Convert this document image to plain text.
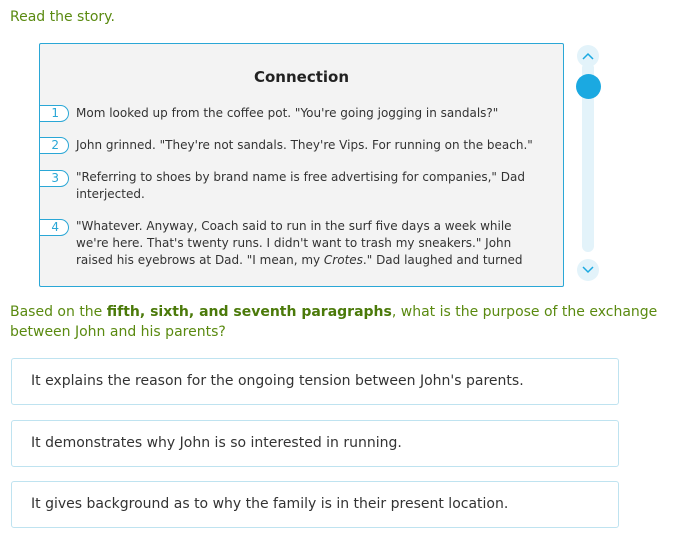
Read the story.
Connection
1	Mom looked up from the coffee pot. "You're going jogging in sandals?"
2	John grinned. "They're not sandals. They're Vips. For running on the beach."
3	"Referring to shoes by brand name is free advertising for companies," Dad interjected.
4	"Whatever. Anyway, Coach said to run in the surf five days a week while we're here. That's twenty runs. I didn't want to trash my sneakers." John raised his eyebrows at Dad. "I mean, my Crotes." Dad laughed and turned
Based on the fifth, sixth, and seventh paragraphs, what is the purpose of the exchange between John and his parents?
It explains the reason for the ongoing tension between John's parents.
It demonstrates why John is so interested in running.
It gives background as to why the family is in their present location.
